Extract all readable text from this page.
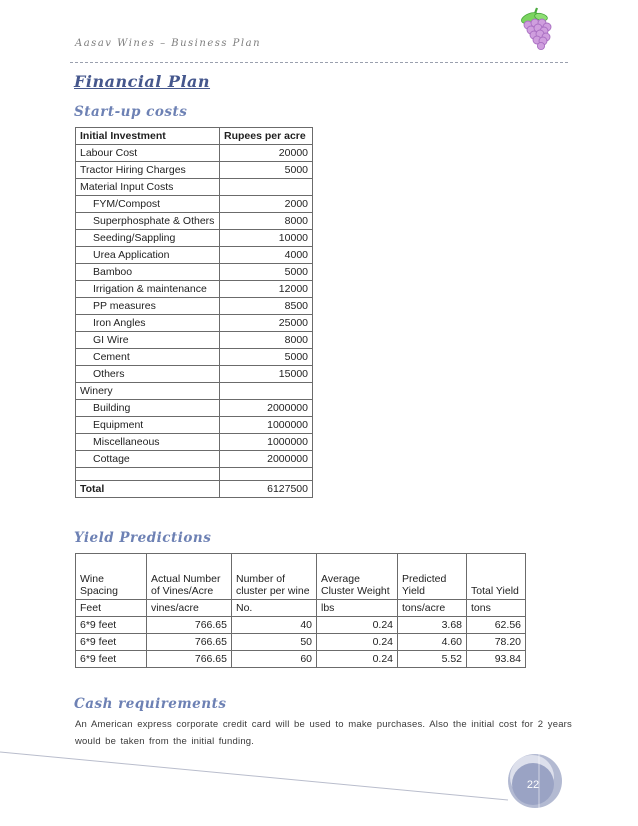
Aasav Wines – Business Plan
Financial Plan
Start-up costs
Initial Investment	Rupees per acre
Labour Cost	20000
Tractor Hiring Charges	5000
Material Input Costs	
FYM/Compost	2000
Superphosphate & Others	8000
Seeding/Sappling	10000
Urea Application	4000
Bamboo	5000
Irrigation & maintenance	12000
PP measures	8500
Iron Angles	25000
GI Wire	8000
Cement	5000
Others	15000
Winery	
Building	2000000
Equipment	1000000
Miscellaneous	1000000
Cottage	2000000

Total	6127500
Yield Predictions
Wine Spacing	Actual Number of Vines/Acre	Number of cluster per wine	Average Cluster Weight	Predicted Yield	Total Yield
Feet	vines/acre	No.	lbs	tons/acre	tons
6*9 feet	766.65	40	0.24	3.68	62.56
6*9 feet	766.65	50	0.24	4.60	78.20
6*9 feet	766.65	60	0.24	5.52	93.84
Cash requirements

An American express corporate credit card will be used to make purchases. Also the initial cost for 2 years would be taken from the initial funding.

22
